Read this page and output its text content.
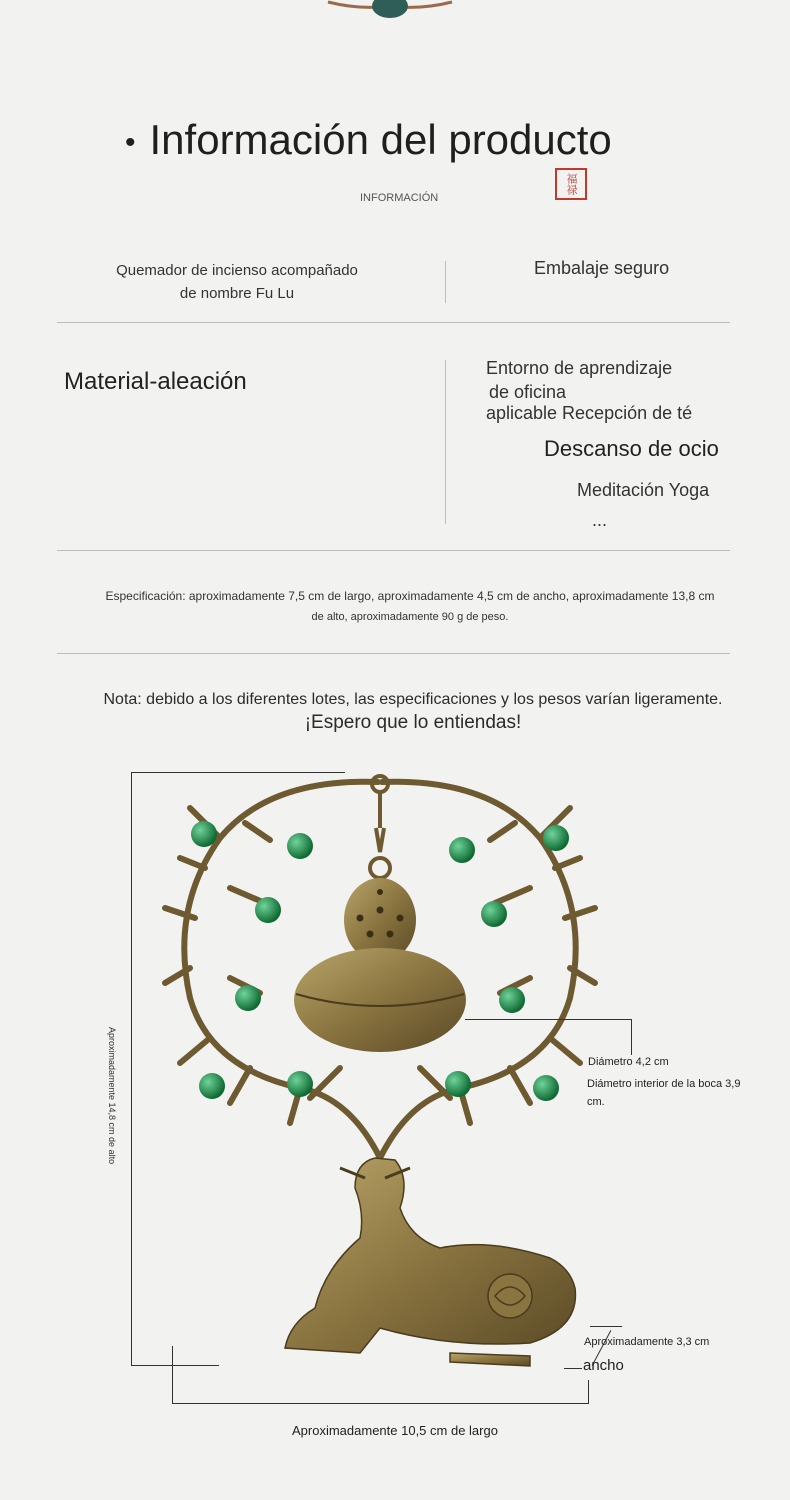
• Información del producto
INFORMACIÓN
福禄
Quemador de incienso acompañado de nombre Fu Lu
Embalaje seguro
Material-aleación	Entorno de aprendizaje
de oficina
aplicable Recepción de té
Descanso de ocio
Meditación Yoga
...
Especificación: aproximadamente 7,5 cm de largo, aproximadamente 4,5 cm de ancho, aproximadamente 13,8 cm
de alto, aproximadamente 90 g de peso.
Nota: debido a los diferentes lotes, las especificaciones y los pesos varían ligeramente.
¡Espero que lo entiendas!
Aproximadamente 14,8 cm de alto	Diámetro 4,2 cm
Diámetro interior de la boca 3,9
cm.
Aproximadamente 3,3 cm
ancho
Aproximadamente 10,5 cm de largo
